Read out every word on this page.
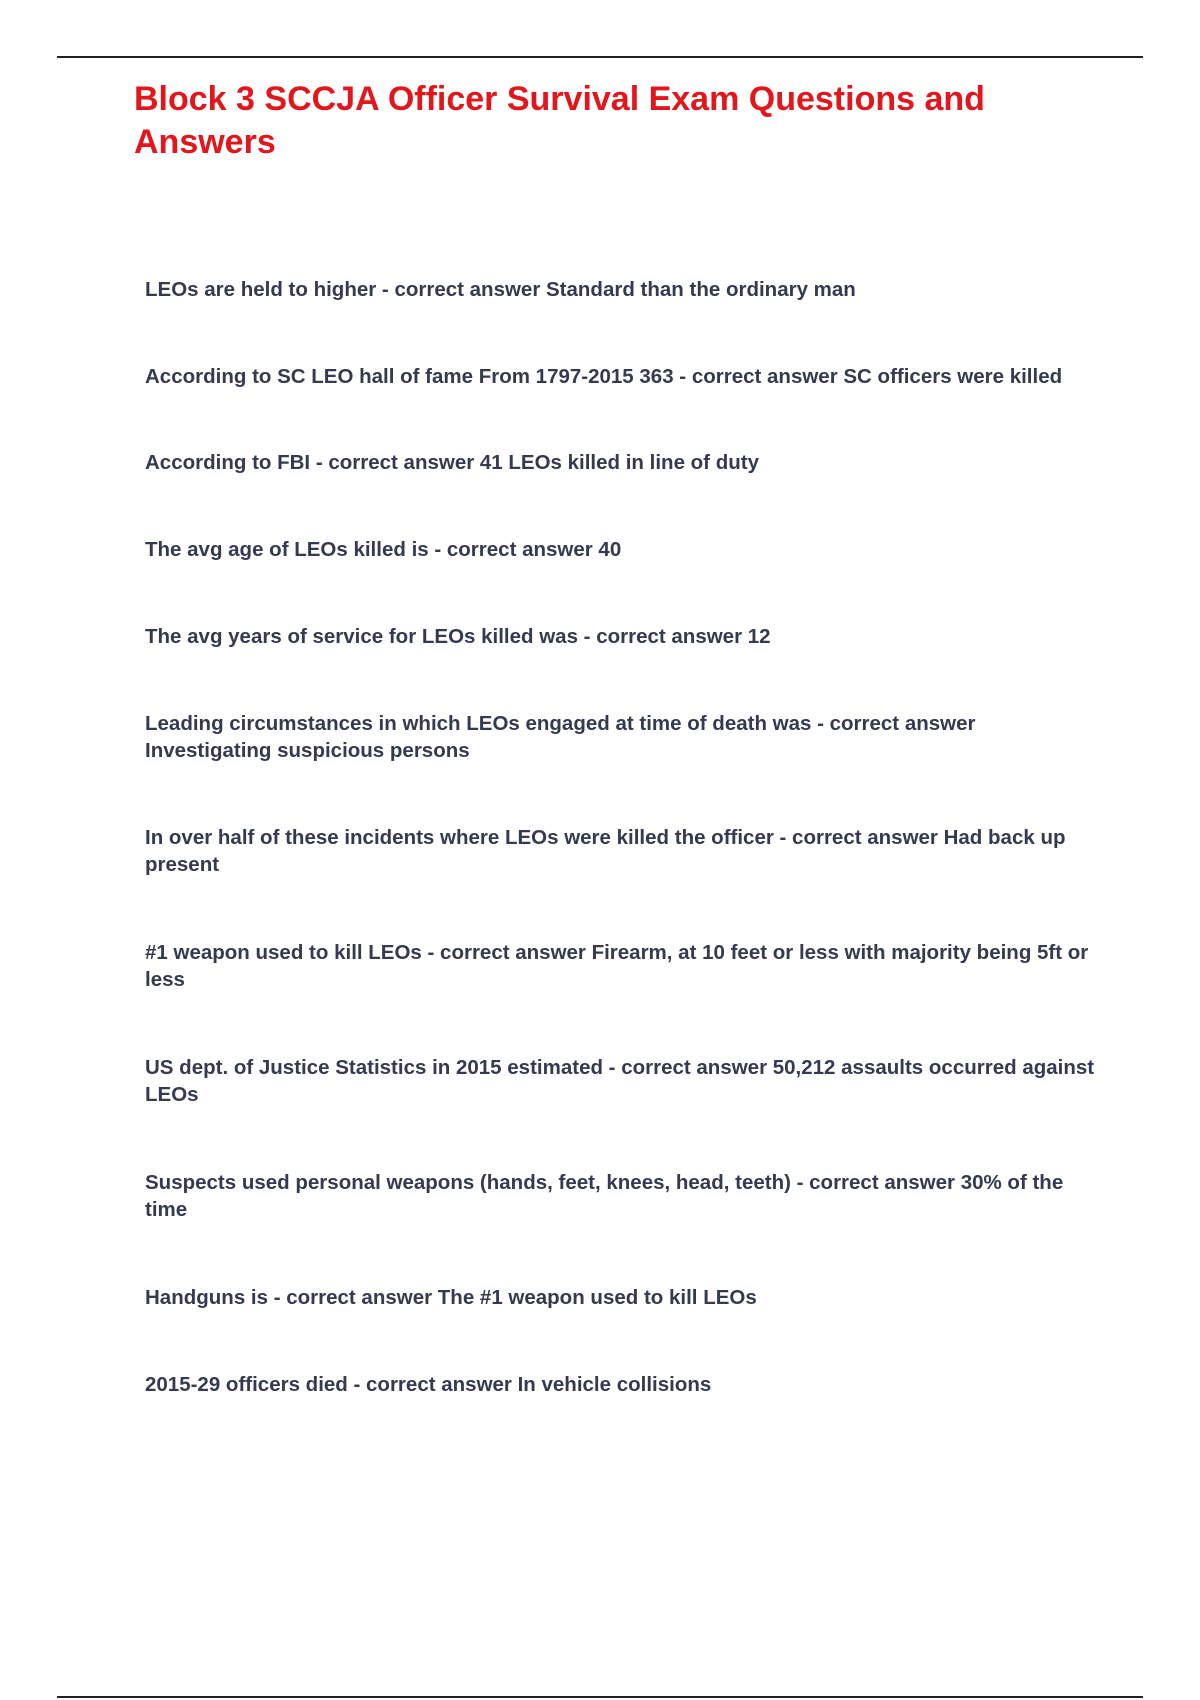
Block 3 SCCJA Officer Survival Exam Questions and Answers
LEOs are held to higher - correct answer Standard than the ordinary man
According to SC LEO hall of fame From 1797-2015 363 - correct answer SC officers were killed
According to FBI - correct answer 41 LEOs killed in line of duty
The avg age of LEOs killed is - correct answer 40
The avg years of service for LEOs killed was - correct answer 12
Leading circumstances in which LEOs engaged at time of death was - correct answer Investigating suspicious persons
In over half of these incidents where LEOs were killed the officer - correct answer Had back up present
#1 weapon used to kill LEOs - correct answer Firearm, at 10 feet or less with majority being 5ft or less
US dept. of Justice Statistics in 2015 estimated - correct answer 50,212 assaults occurred against LEOs
Suspects used personal weapons (hands, feet, knees, head, teeth) - correct answer 30% of the time
Handguns is - correct answer The #1 weapon used to kill LEOs
2015-29 officers died - correct answer In vehicle collisions
